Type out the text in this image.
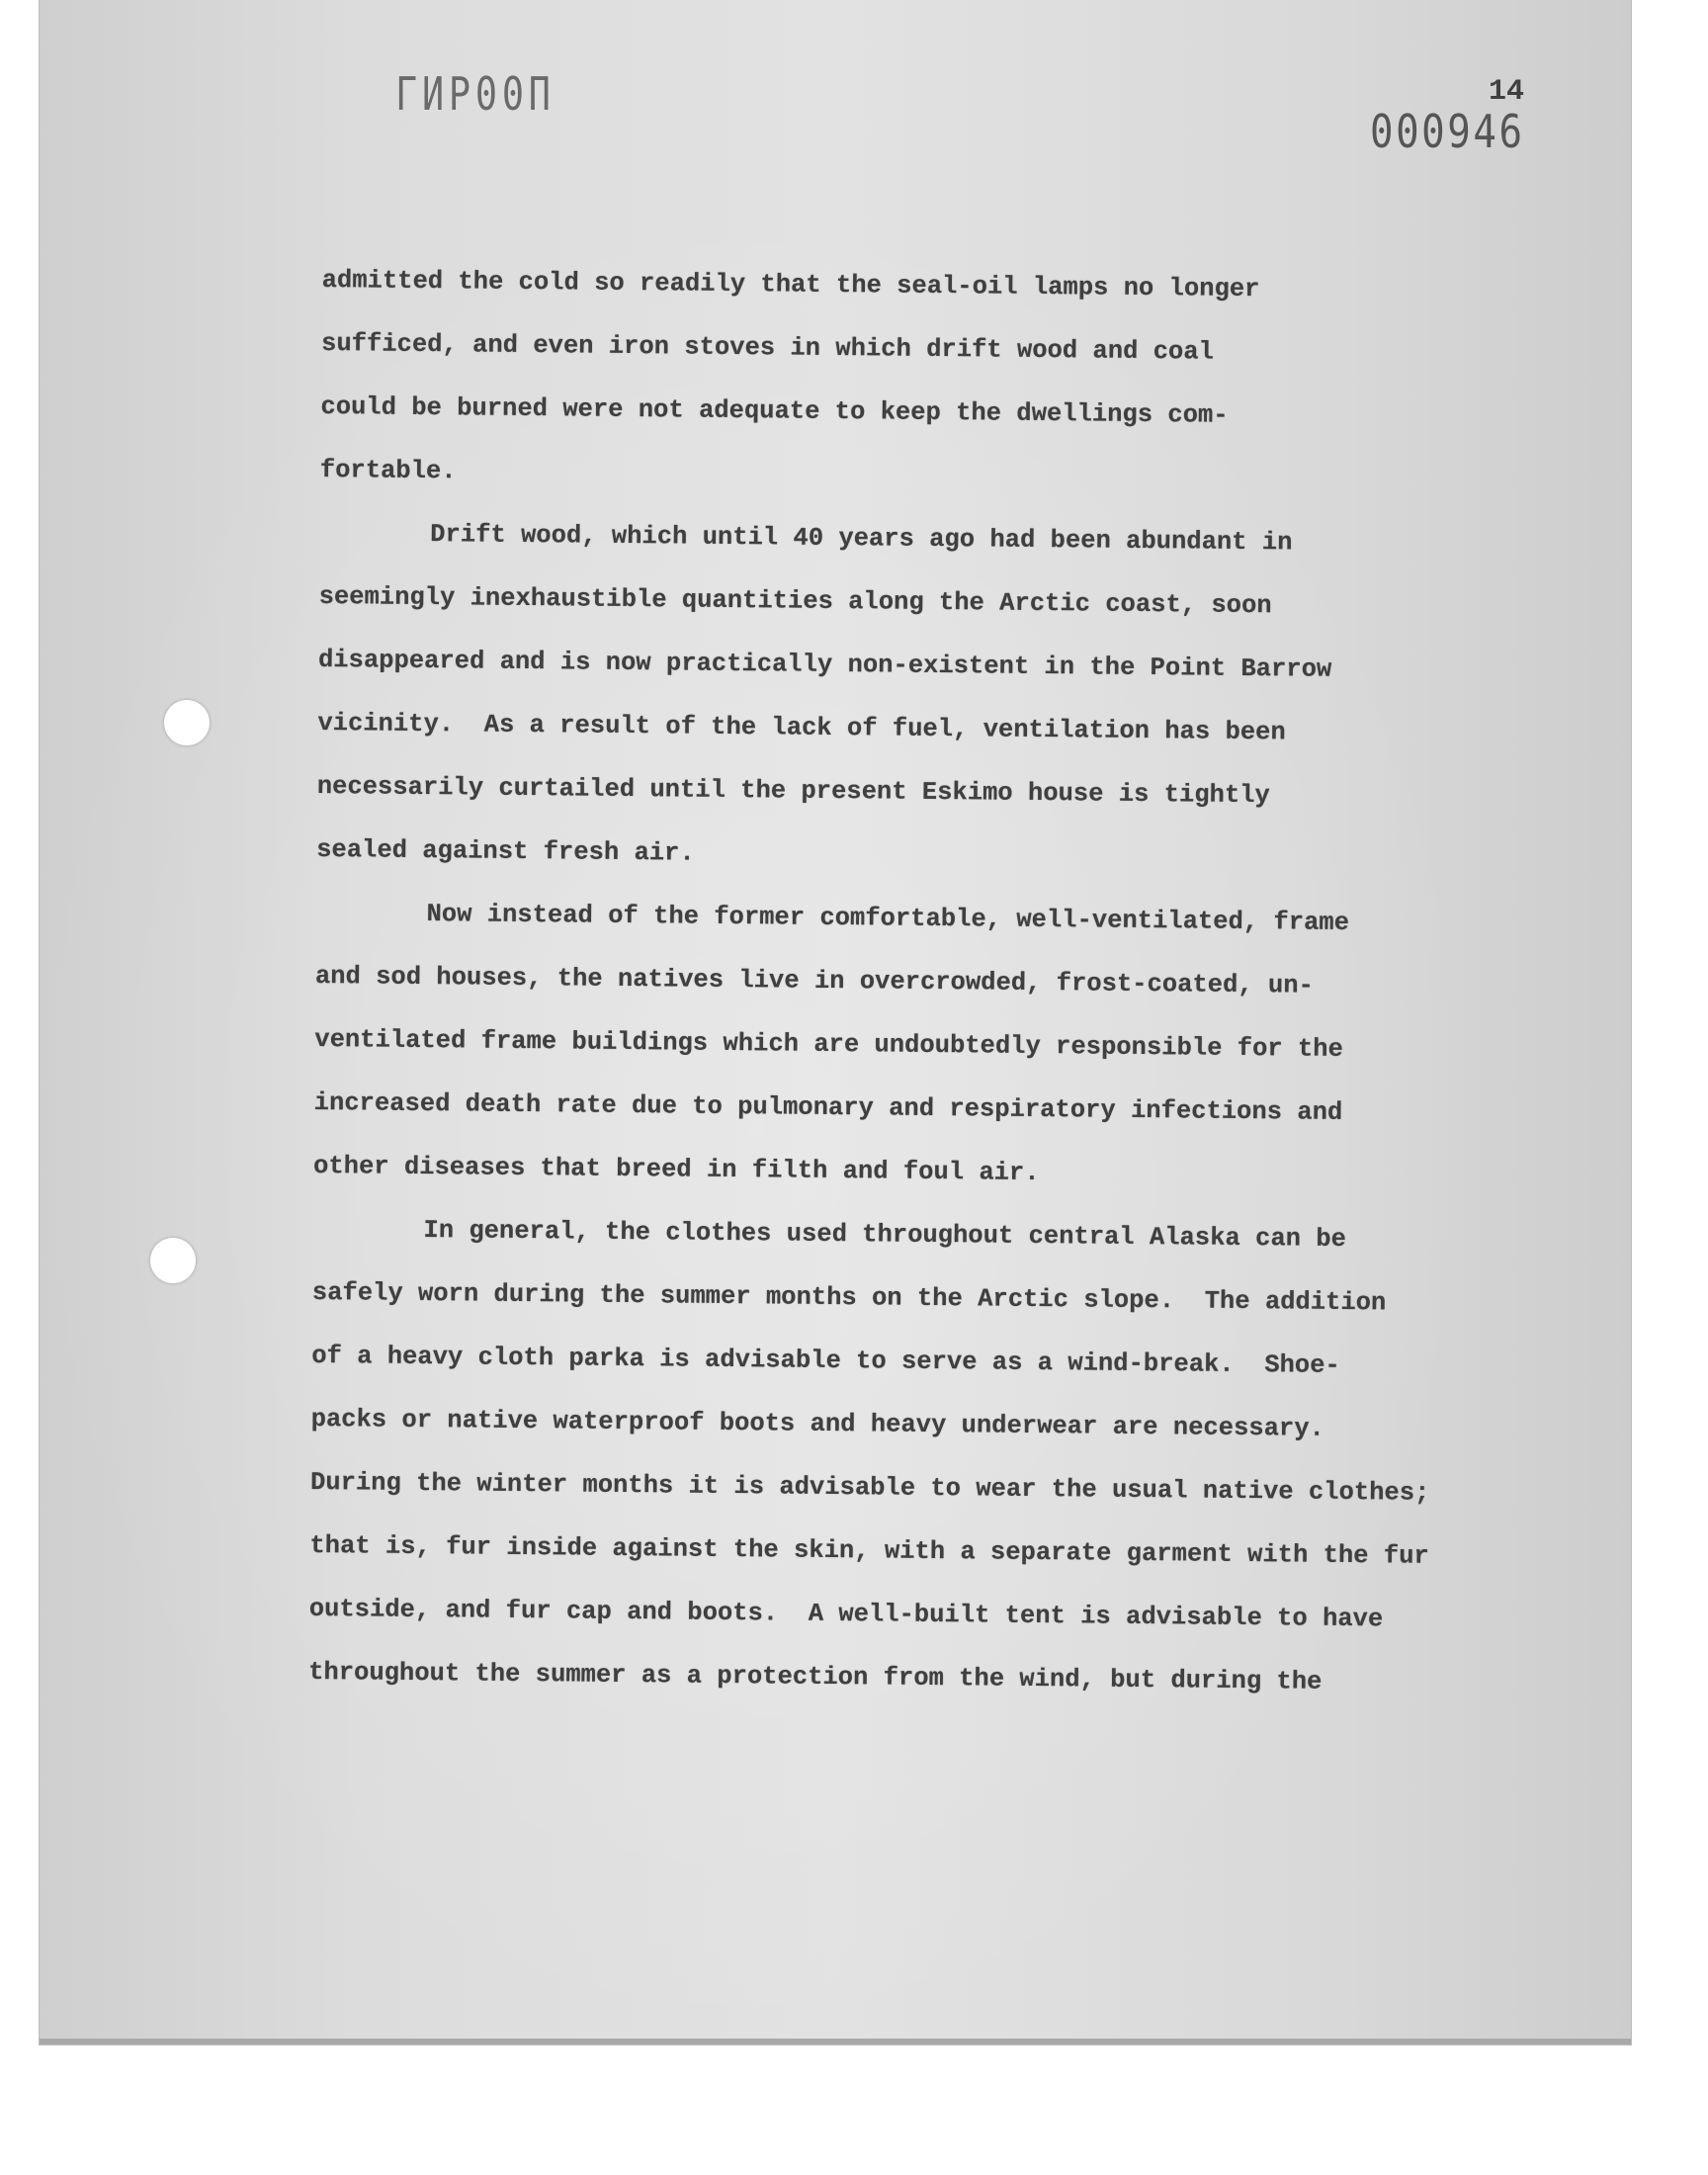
ГИР00П	14
000946

admitted the cold so readily that the seal-oil lamps no longer
sufficed, and even iron stoves in which drift wood and coal
could be burned were not adequate to keep the dwellings com-
fortable.

Drift wood, which until 40 years ago had been abundant in
seemingly inexhaustible quantities along the Arctic coast, soon
disappeared and is now practically non-existent in the Point Barrow
vicinity.  As a result of the lack of fuel, ventilation has been
necessarily curtailed until the present Eskimo house is tightly
sealed against fresh air.

Now instead of the former comfortable, well-ventilated, frame
and sod houses, the natives live in overcrowded, frost-coated, un-
ventilated frame buildings which are undoubtedly responsible for the
increased death rate due to pulmonary and respiratory infections and
other diseases that breed in filth and foul air.

In general, the clothes used throughout central Alaska can be
safely worn during the summer months on the Arctic slope.  The addition
of a heavy cloth parka is advisable to serve as a wind-break.  Shoe-
packs or native waterproof boots and heavy underwear are necessary.
During the winter months it is advisable to wear the usual native clothes;
that is, fur inside against the skin, with a separate garment with the fur
outside, and fur cap and boots.  A well-built tent is advisable to have
throughout the summer as a protection from the wind, but during the
